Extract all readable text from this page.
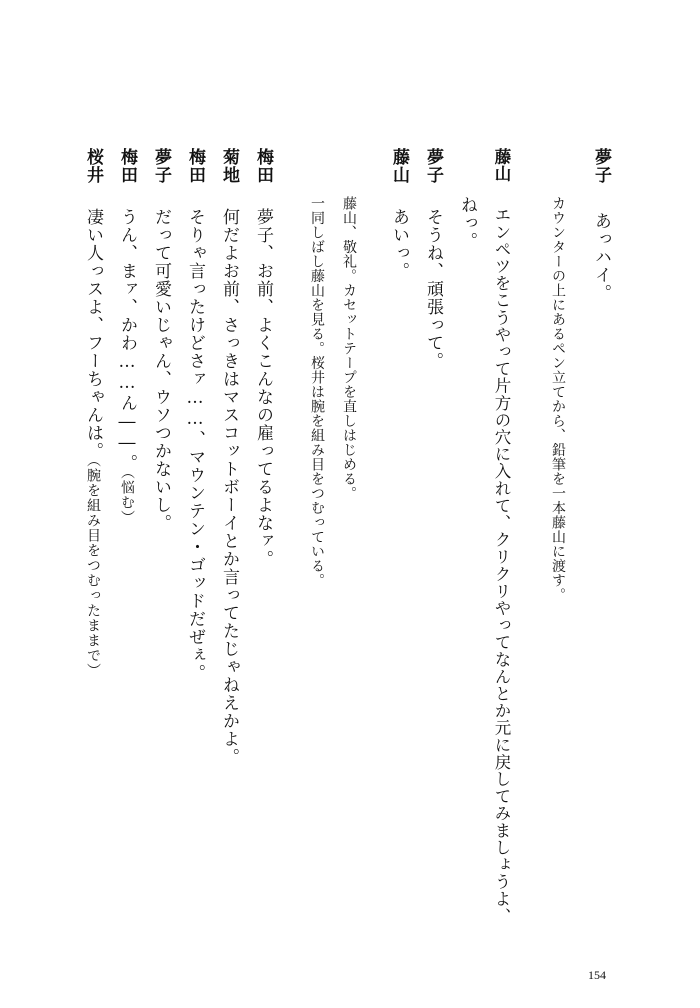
夢子あっハイ。
カウンターの上にあるペン立てから、鉛筆を一本藤山に渡す。
藤山エンペツをこうやって片方の穴に入れて、クリクリやってなんとか元に戻してみましょうよ、
ねっ。
夢子そうね、頑張って。
藤山あいっ。
藤山、敬礼。カセットテープを直しはじめる。
一同しばし藤山を見る。桜井は腕を組み目をつむっている。
梅田夢子、お前、よくこんなの雇ってるよなァ。
菊地何だよお前、さっきはマスコットボーイとか言ってたじゃねえかよ。
梅田そりゃ言ったけどさァ……、マウンテン・ゴッドだぜぇ。
夢子だって可愛いじゃん、ウソつかないし。
梅田うん、まァ、かわ……ん――。（悩む）
桜井凄い人っスよ、フーちゃんは。（腕を組み目をつむったままで）
154
